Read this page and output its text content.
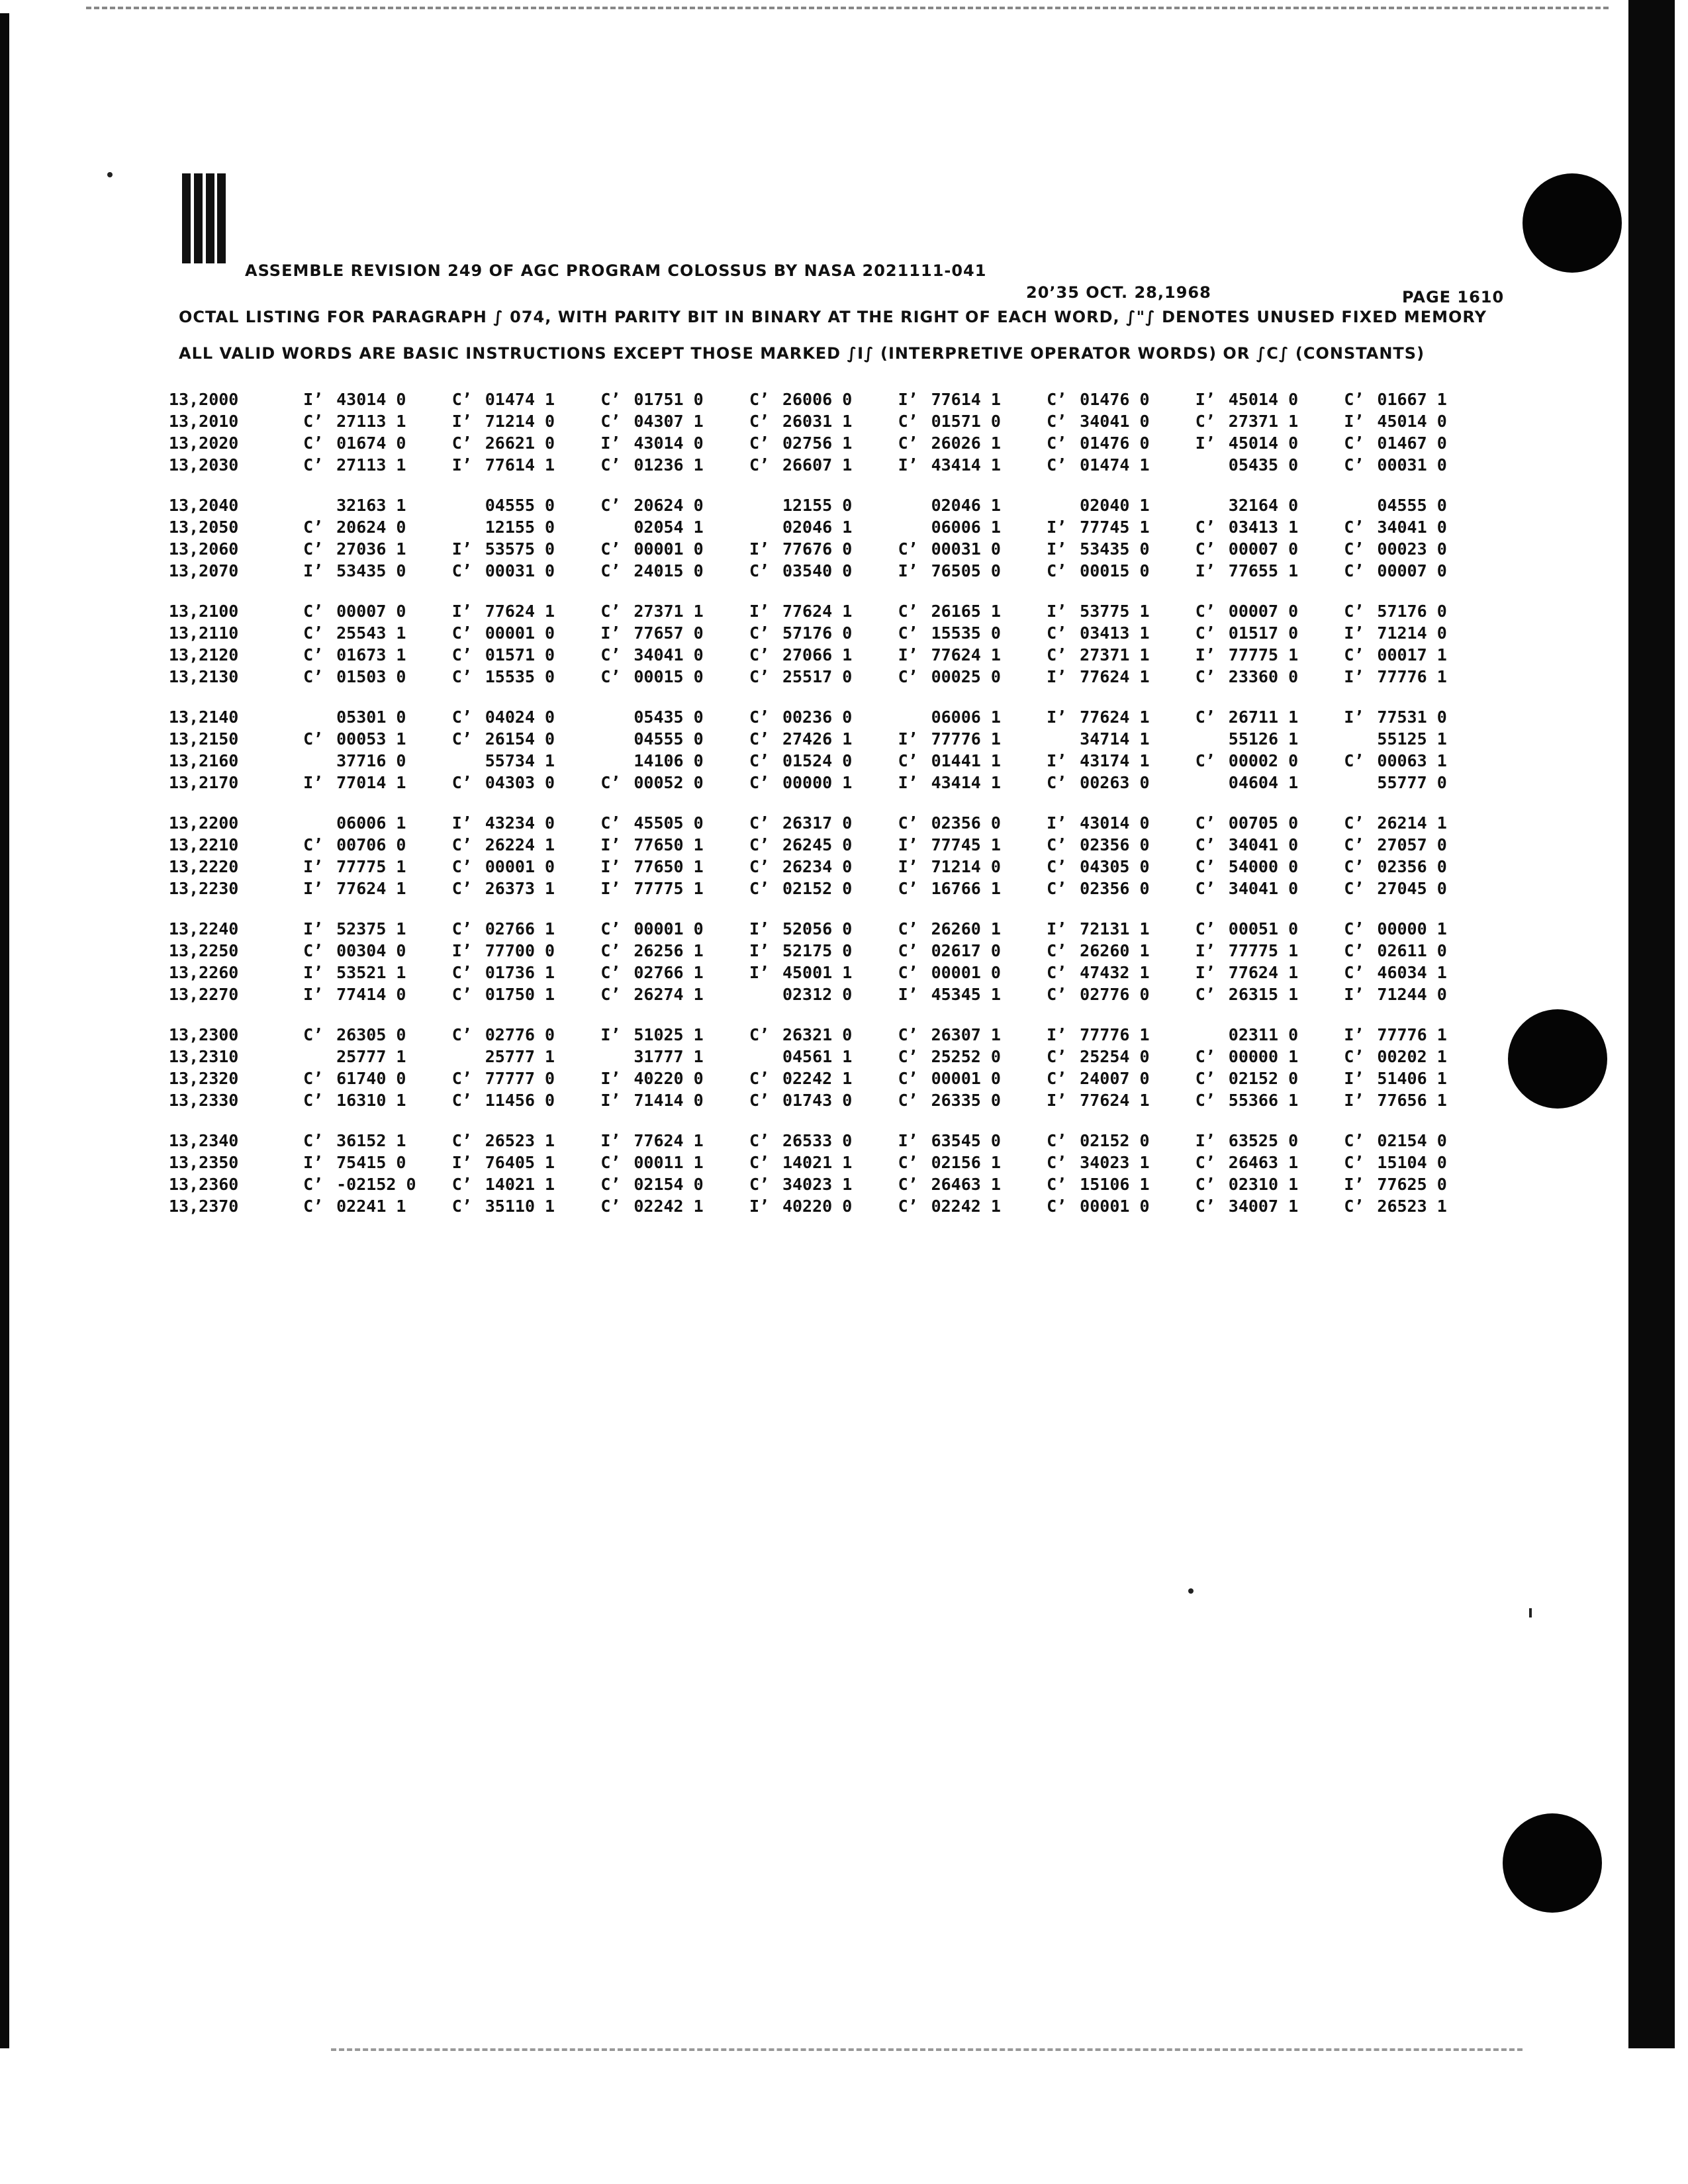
ASSEMBLE REVISION 249 OF AGC PROGRAM COLOSSUS BY NASA 2021111-041
20’35 OCT. 28,1968	PAGE 1610
OCTAL LISTING FOR PARAGRAPH ∫ 074, WITH PARITY BIT IN BINARY AT THE RIGHT OF EACH WORD, ∫"∫ DENOTES UNUSED FIXED MEMORY
ALL VALID WORDS ARE BASIC INSTRUCTIONS EXCEPT THOSE MARKED ∫I∫ (INTERPRETIVE OPERATOR WORDS) OR ∫C∫ (CONSTANTS)
13,2000	I’ 43014 0	C’ 01474 1	C’ 01751 0	C’ 26006 0	I’ 77614 1	C’ 01476 0	I’ 45014 0	C’ 01667 1
13,2010	C’ 27113 1	I’ 71214 0	C’ 04307 1	C’ 26031 1	C’ 01571 0	C’ 34041 0	C’ 27371 1	I’ 45014 0
13,2020	C’ 01674 0	C’ 26621 0	I’ 43014 0	C’ 02756 1	C’ 26026 1	C’ 01476 0	I’ 45014 0	C’ 01467 0
13,2030	C’ 27113 1	I’ 77614 1	C’ 01236 1	C’ 26607 1	I’ 43414 1	C’ 01474 1	05435 0	C’ 00031 0
13,2040	32163 1	04555 0	C’ 20624 0	12155 0	02046 1	02040 1	32164 0	04555 0
13,2050	C’ 20624 0	12155 0	02054 1	02046 1	06006 1	I’ 77745 1	C’ 03413 1	C’ 34041 0
13,2060	C’ 27036 1	I’ 53575 0	C’ 00001 0	I’ 77676 0	C’ 00031 0	I’ 53435 0	C’ 00007 0	C’ 00023 0
13,2070	I’ 53435 0	C’ 00031 0	C’ 24015 0	C’ 03540 0	I’ 76505 0	C’ 00015 0	I’ 77655 1	C’ 00007 0
13,2100	C’ 00007 0	I’ 77624 1	C’ 27371 1	I’ 77624 1	C’ 26165 1	I’ 53775 1	C’ 00007 0	C’ 57176 0
13,2110	C’ 25543 1	C’ 00001 0	I’ 77657 0	C’ 57176 0	C’ 15535 0	C’ 03413 1	C’ 01517 0	I’ 71214 0
13,2120	C’ 01673 1	C’ 01571 0	C’ 34041 0	C’ 27066 1	I’ 77624 1	C’ 27371 1	I’ 77775 1	C’ 00017 1
13,2130	C’ 01503 0	C’ 15535 0	C’ 00015 0	C’ 25517 0	C’ 00025 0	I’ 77624 1	C’ 23360 0	I’ 77776 1
13,2140	05301 0	C’ 04024 0	05435 0	C’ 00236 0	06006 1	I’ 77624 1	C’ 26711 1	I’ 77531 0
13,2150	C’ 00053 1	C’ 26154 0	04555 0	C’ 27426 1	I’ 77776 1	34714 1	55126 1	55125 1
13,2160	37716 0	55734 1	14106 0	C’ 01524 0	C’ 01441 1	I’ 43174 1	C’ 00002 0	C’ 00063 1
13,2170	I’ 77014 1	C’ 04303 0	C’ 00052 0	C’ 00000 1	I’ 43414 1	C’ 00263 0	04604 1	55777 0
13,2200	06006 1	I’ 43234 0	C’ 45505 0	C’ 26317 0	C’ 02356 0	I’ 43014 0	C’ 00705 0	C’ 26214 1
13,2210	C’ 00706 0	C’ 26224 1	I’ 77650 1	C’ 26245 0	I’ 77745 1	C’ 02356 0	C’ 34041 0	C’ 27057 0
13,2220	I’ 77775 1	C’ 00001 0	I’ 77650 1	C’ 26234 0	I’ 71214 0	C’ 04305 0	C’ 54000 0	C’ 02356 0
13,2230	I’ 77624 1	C’ 26373 1	I’ 77775 1	C’ 02152 0	C’ 16766 1	C’ 02356 0	C’ 34041 0	C’ 27045 0
13,2240	I’ 52375 1	C’ 02766 1	C’ 00001 0	I’ 52056 0	C’ 26260 1	I’ 72131 1	C’ 00051 0	C’ 00000 1
13,2250	C’ 00304 0	I’ 77700 0	C’ 26256 1	I’ 52175 0	C’ 02617 0	C’ 26260 1	I’ 77775 1	C’ 02611 0
13,2260	I’ 53521 1	C’ 01736 1	C’ 02766 1	I’ 45001 1	C’ 00001 0	C’ 47432 1	I’ 77624 1	C’ 46034 1
13,2270	I’ 77414 0	C’ 01750 1	C’ 26274 1	02312 0	I’ 45345 1	C’ 02776 0	C’ 26315 1	I’ 71244 0
13,2300	C’ 26305 0	C’ 02776 0	I’ 51025 1	C’ 26321 0	C’ 26307 1	I’ 77776 1	02311 0	I’ 77776 1
13,2310	25777 1	25777 1	31777 1	04561 1	C’ 25252 0	C’ 25254 0	C’ 00000 1	C’ 00202 1
13,2320	C’ 61740 0	C’ 77777 0	I’ 40220 0	C’ 02242 1	C’ 00001 0	C’ 24007 0	C’ 02152 0	I’ 51406 1
13,2330	C’ 16310 1	C’ 11456 0	I’ 71414 0	C’ 01743 0	C’ 26335 0	I’ 77624 1	C’ 55366 1	I’ 77656 1
13,2340	C’ 36152 1	C’ 26523 1	I’ 77624 1	C’ 26533 0	I’ 63545 0	C’ 02152 0	I’ 63525 0	C’ 02154 0
13,2350	I’ 75415 0	I’ 76405 1	C’ 00011 1	C’ 14021 1	C’ 02156 1	C’ 34023 1	C’ 26463 1	C’ 15104 0
13,2360	C’ -02152 0 C’ 14021 1	C’ 02154 0	C’ 34023 1	C’ 26463 1	C’ 15106 1	C’ 02310 1	I’ 77625 0
13,2370	C’ 02241 1	C’ 35110 1	C’ 02242 1	I’ 40220 0	C’ 02242 1	C’ 00001 0	C’ 34007 1	C’ 26523 1
